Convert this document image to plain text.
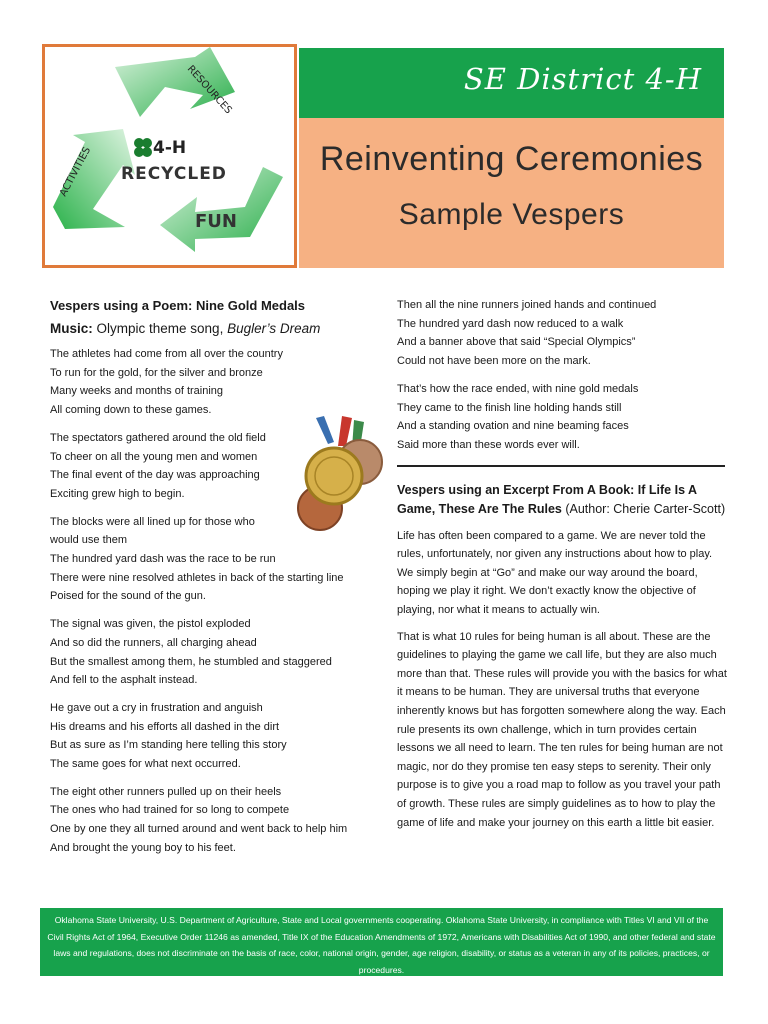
4-H
RECYCLED
FUN
ACTIVITIES
RESOURCES	SE District 4-H
Reinventing Ceremonies
Sample Vespers
Vespers using a Poem: Nine Gold Medals
Music: Olympic theme song, Bugler’s Dream
The athletes had come from all over the country
To run for the gold, for the silver and bronze
Many weeks and months of training
All coming down to these games.
The spectators gathered around the old field
To cheer on all the young men and women
The final event of the day was approaching
Exciting grew high to begin.
The blocks were all lined up for those who
would use them
The hundred yard dash was the race to be run
There were nine resolved athletes in back of the starting line
Poised for the sound of the gun.
The signal was given, the pistol exploded
And so did the runners, all charging ahead
But the smallest among them, he stumbled and staggered
And fell to the asphalt instead.
He gave out a cry in frustration and anguish
His dreams and his efforts all dashed in the dirt
But as sure as I’m standing here telling this story
The same goes for what next occurred.
The eight other runners pulled up on their heels
The ones who had trained for so long to compete
One by one they all turned around and went back to help him
And brought the young boy to his feet.
Then all the nine runners joined hands and continued
The hundred yard dash now reduced to a walk
And a banner above that said “Special Olympics”
Could not have been more on the mark.
That’s how the race ended, with nine gold medals
They came to the finish line holding hands still
And a standing ovation and nine beaming faces
Said more than these words ever will.
Vespers using an Excerpt From A Book: If Life Is A Game, These Are The Rules (Author: Cherie Carter-Scott)
Life has often been compared to a game. We are never told the rules, unfortunately, nor given any instructions about how to play. We simply begin at “Go” and make our way around the board, hoping we play it right. We don’t exactly know the objective of playing, nor what it means to actually win.
That is what 10 rules for being human is all about. These are the guidelines to playing the game we call life, but they are also much more than that. These rules will provide you with the basics for what it means to be human. They are universal truths that everyone inherently knows but has forgotten somewhere along the way. Each rule presents its own challenge, which in turn provides certain lessons we all need to learn. The ten rules for being human are not magic, nor do they promise ten easy steps to serenity. Their only purpose is to give you a road map to follow as you travel your path of growth. These rules are simply guidelines as to how to play the game of life and make your journey on this earth a little bit easier.
Oklahoma State University, U.S. Department of Agriculture, State and Local governments cooperating. Oklahoma State University, in compliance with Titles VI and VII of the Civil Rights Act of 1964, Executive Order 11246 as amended, Title IX of the Education Amendments of 1972, Americans with Disabilities Act of 1990, and other federal and state laws and regulations, does not discriminate on the basis of race, color, national origin, gender, age religion, disability, or status as a veteran in any of its policies, practices, or procedures.
